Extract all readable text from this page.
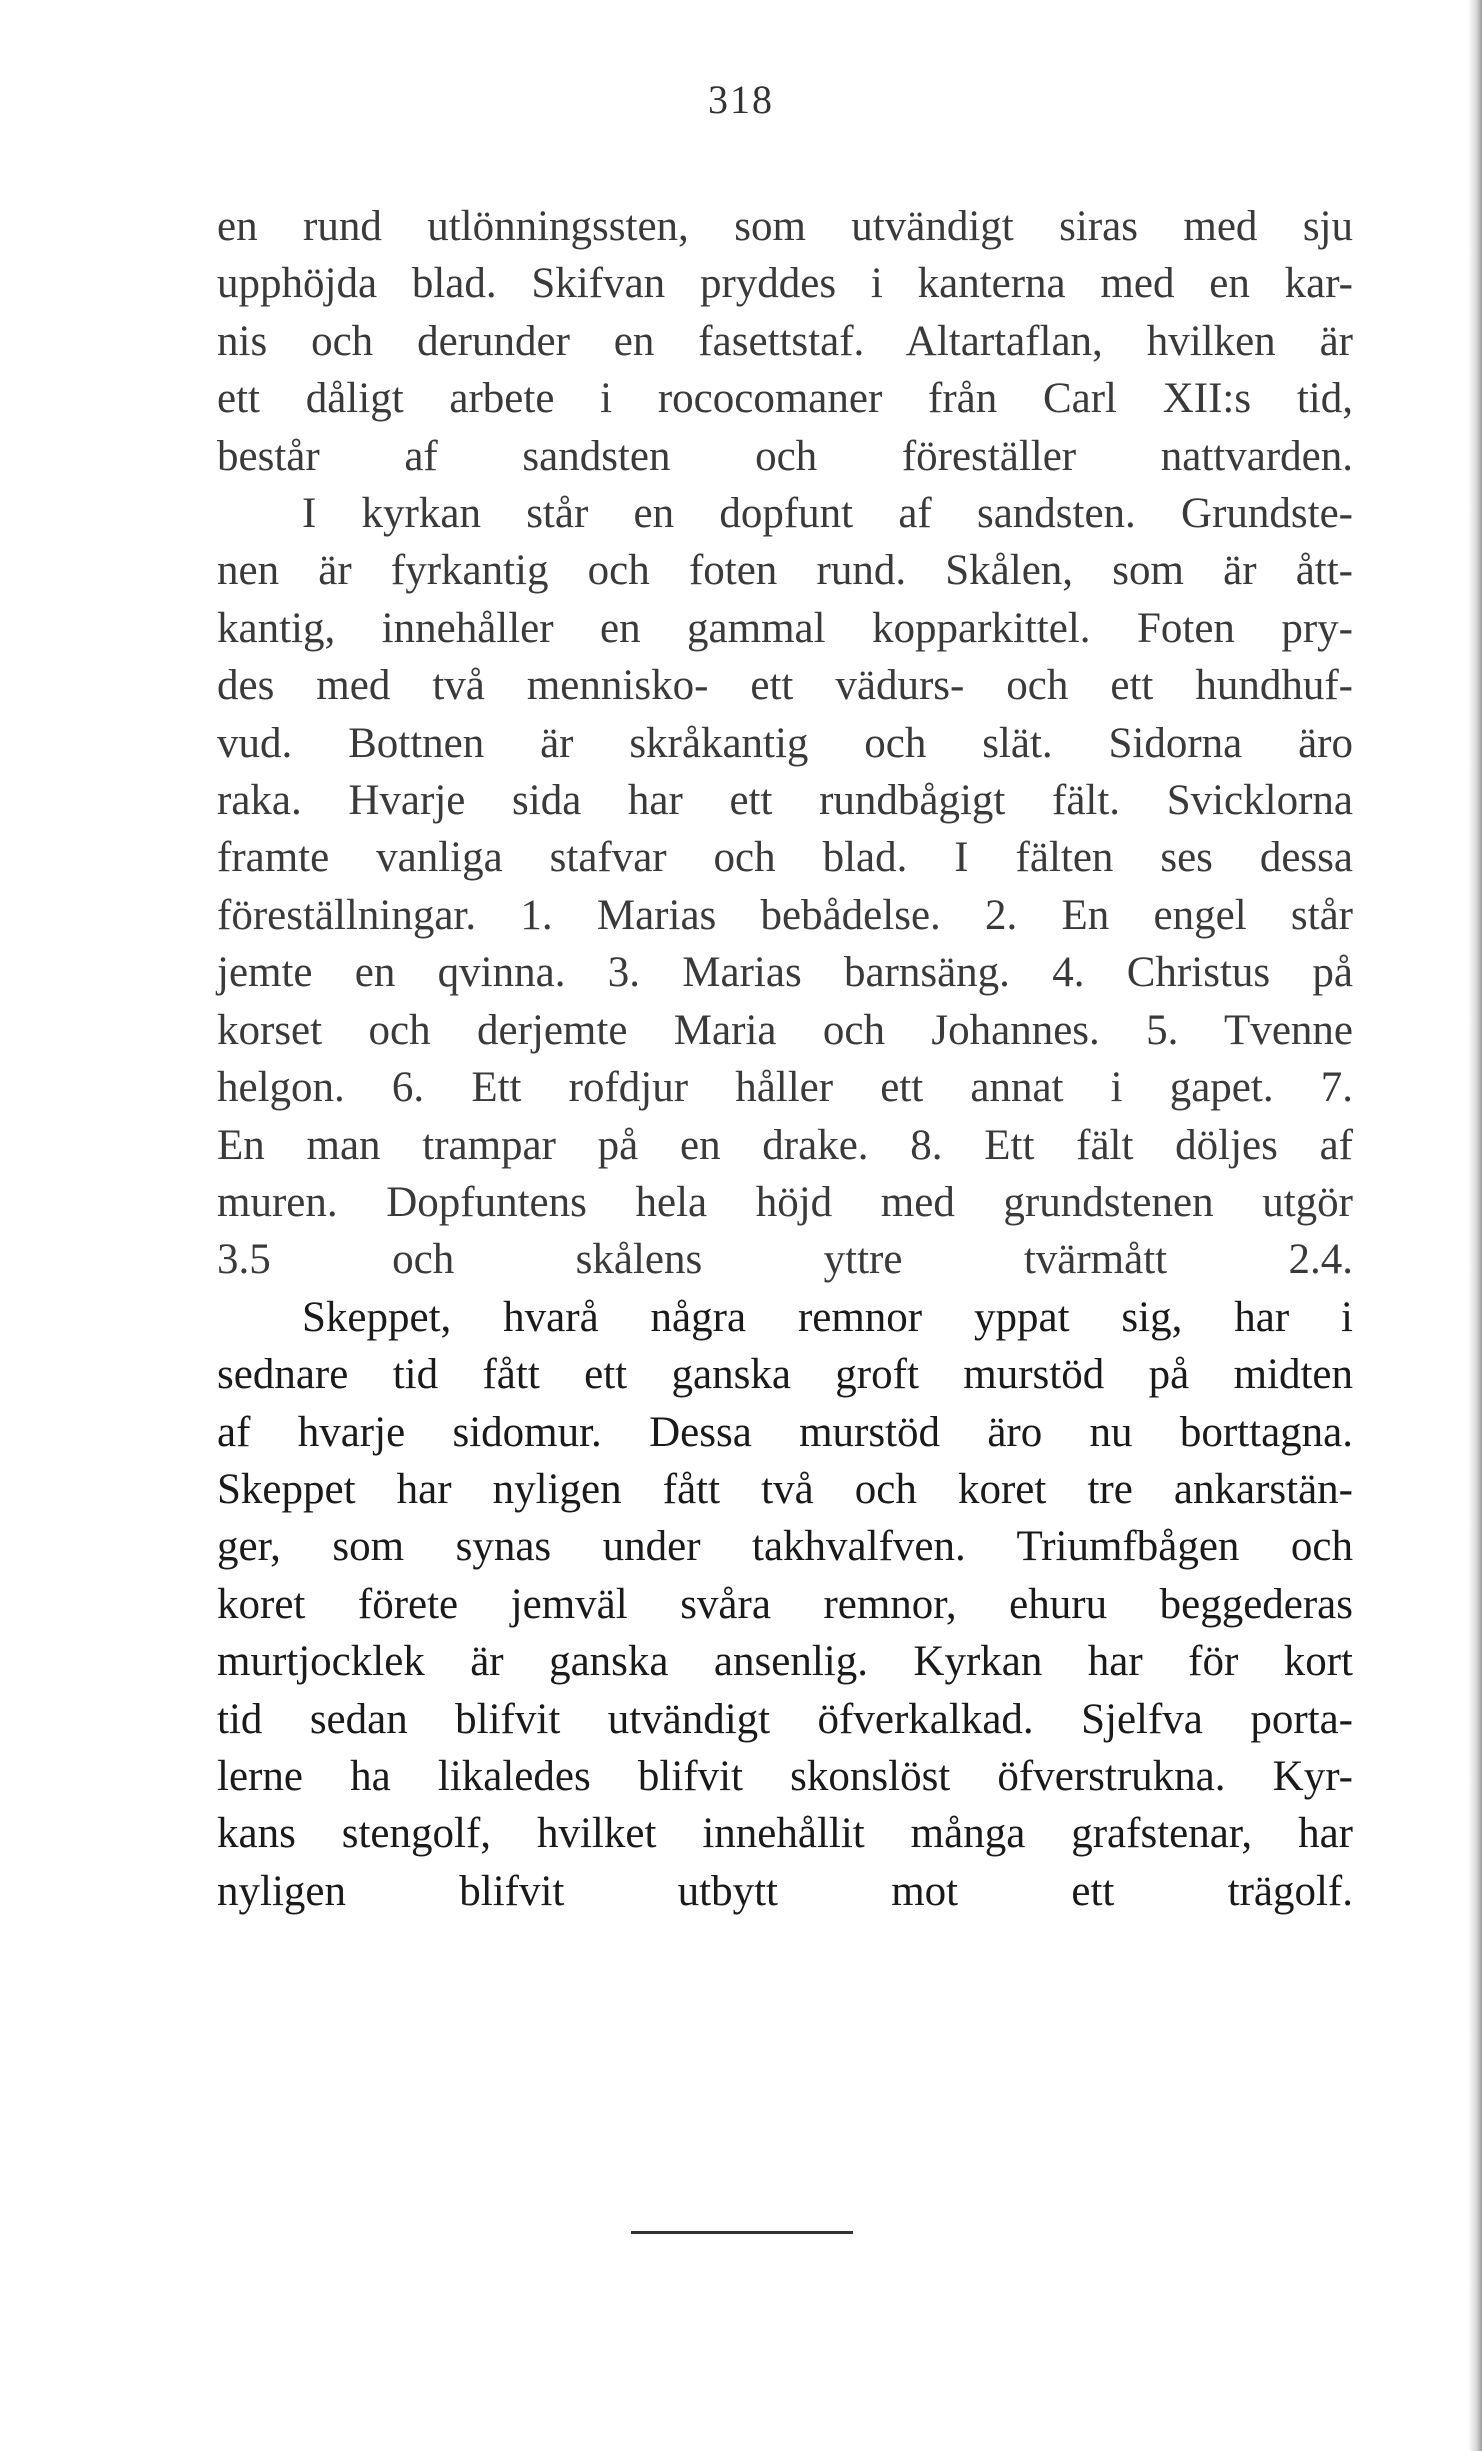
318

en rund utlönningssten, som utvändigt siras med sju
upphöjda blad. Skifvan pryddes i kanterna med en kar-
nis och derunder en fasettstaf. Altartaflan, hvilken är
ett dåligt arbete i rococomaner från Carl XII:s tid,
består af sandsten och föreställer nattvarden.

I kyrkan står en dopfunt af sandsten. Grundste-
nen är fyrkantig och foten rund. Skålen, som är ått-
kantig, innehåller en gammal kopparkittel. Foten pry-
des med två mennisko- ett vädurs- och ett hundhuf-
vud. Bottnen är skråkantig och slät. Sidorna äro
raka. Hvarje sida har ett rundbågigt fält. Svicklorna
framte vanliga stafvar och blad. I fälten ses dessa
föreställningar. 1. Marias bebådelse. 2. En engel står
jemte en qvinna. 3. Marias barnsäng. 4. Christus på
korset och derjemte Maria och Johannes. 5. Tvenne
helgon. 6. Ett rofdjur håller ett annat i gapet. 7.
En man trampar på en drake. 8. Ett fält döljes af
muren. Dopfuntens hela höjd med grundstenen utgör
3.5 och skålens yttre tvärmått 2.4.

Skeppet, hvarå några remnor yppat sig, har i
sednare tid fått ett ganska groft murstöd på midten
af hvarje sidomur. Dessa murstöd äro nu borttagna.
Skeppet har nyligen fått två och koret tre ankarstän-
ger, som synas under takhvalfven. Triumfbågen och
koret förete jemväl svåra remnor, ehuru beggederas
murtjocklek är ganska ansenlig. Kyrkan har för kort
tid sedan blifvit utvändigt öfverkalkad. Sjelfva porta-
lerne ha likaledes blifvit skonslöst öfverstrukna. Kyr-
kans stengolf, hvilket innehållit många grafstenar, har
nyligen blifvit utbytt mot ett trägolf.
